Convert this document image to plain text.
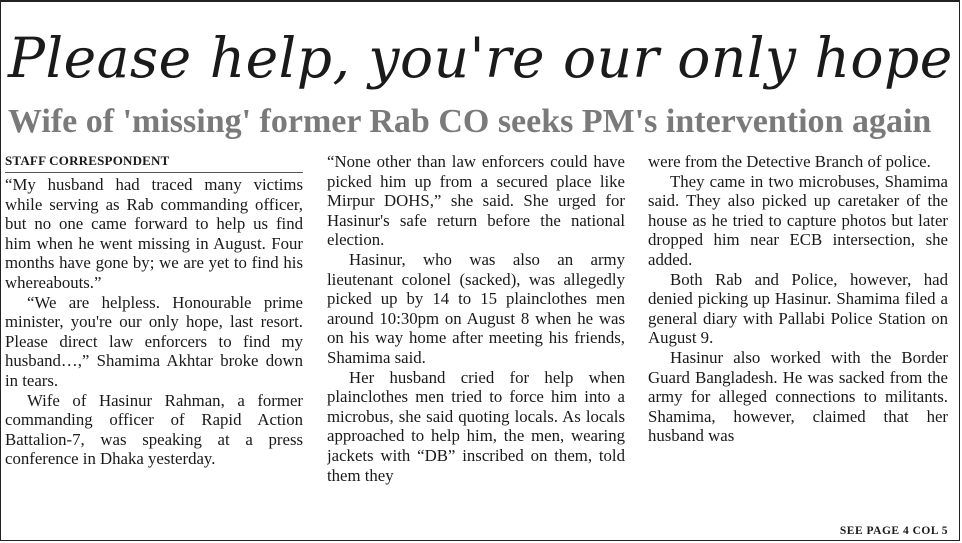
Please help, you're our only hope
Wife of 'missing' former Rab CO seeks PM's intervention again
STAFF CORRESPONDENT

“My husband had traced many victims while serving as Rab commanding officer, but no one came forward to help us find him when he went missing in August. Four months have gone by; we are yet to find his whereabouts.”

“We are helpless. Honourable prime minister, you're our only hope, last resort. Please direct law enforcers to find my husband…,” Shamima Akhtar broke down in tears.

Wife of Hasinur Rahman, a former commanding officer of Rapid Action Battalion-7, was speaking at a press conference in Dhaka yesterday.

“None other than law enforcers could have picked him up from a secured place like Mirpur DOHS,” she said. She urged for Hasinur's safe return before the national election.

Hasinur, who was also an army lieutenant colonel (sacked), was allegedly picked up by 14 to 15 plainclothes men around 10:30pm on August 8 when he was on his way home after meeting his friends, Shamima said.

Her husband cried for help when plainclothes men tried to force him into a microbus, she said quoting locals. As locals approached to help him, the men, wearing jackets with “DB” inscribed on them, told them they

were from the Detective Branch of police.

They came in two microbuses, Shamima said. They also picked up caretaker of the house as he tried to capture photos but later dropped him near ECB intersection, she added.

Both Rab and Police, however, had denied picking up Hasinur. Shamima filed a general diary with Pallabi Police Station on August 9.

Hasinur also worked with the Border Guard Bangladesh. He was sacked from the army for alleged connections to militants. Shamima, however, claimed that her husband was

SEE PAGE 4 COL 5
